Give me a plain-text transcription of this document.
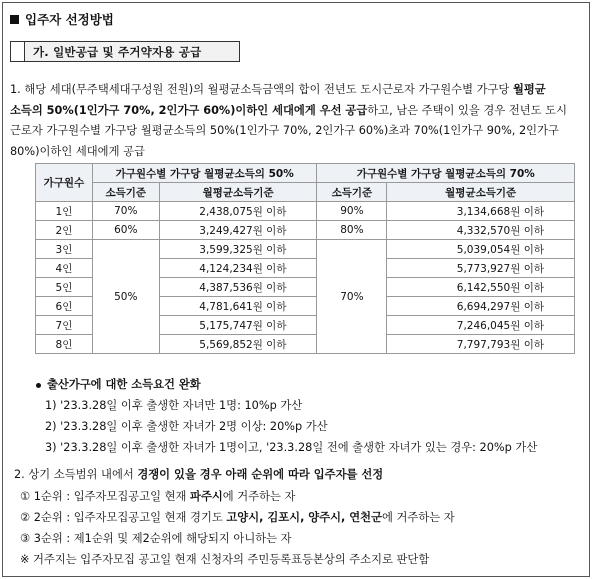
입주자 선정방법
가. 일반공급 및 주거약자용 공급
1. 해당 세대(무주택세대구성원 전원)의 월평균소득금액의 합이 전년도 도시근로자 가구원수별 가구당 월평균
소득의 50%(1인가구 70%, 2인가구 60%)이하인 세대에게 우선 공급하고, 남은 주택이 있을 경우 전년도 도시
근로자 가구원수별 가구당 월평균소득의 50%(1인가구 70%, 2인가구 60%)초과 70%(1인가구 90%, 2인가구
80%)이하인 세대에게 공급
가구원수	가구원수별 가구당 월평균소득의 50%		가구원수별 가구당 월평균소득의 70%	
	소득기준	월평균소득기준	소득기준	월평균소득기준
1인	70%	2,438,075원 이하	90%	3,134,668원 이하
2인	60%	3,249,427원 이하	80%	4,332,570원 이하
3인	50%	3,599,325원 이하	70%	5,039,054원 이하
4인		4,124,234원 이하		5,773,927원 이하
5인		4,387,536원 이하		6,142,550원 이하
6인		4,781,641원 이하		6,694,297원 이하
7인		5,175,747원 이하		7,246,045원 이하
8인		5,569,852원 이하		7,797,793원 이하
출산가구에 대한 소득요건 완화
1) '23.3.28일 이후 출생한 자녀만 1명: 10%p 가산
2) '23.3.28일 이후 출생한 자녀가 2명 이상: 20%p 가산
3) '23.3.28일 이후 출생한 자녀가 1명이고, '23.3.28일 전에 출생한 자녀가 있는 경우: 20%p 가산
2. 상기 소득범위 내에서 경쟁이 있을 경우 아래 순위에 따라 입주자를 선정
① 1순위 : 입주자모집공고일 현재 파주시에 거주하는 자
② 2순위 : 입주자모집공고일 현재 경기도 고양시, 김포시, 양주시, 연천군에 거주하는 자
③ 3순위 : 제1순위 및 제2순위에 해당되지 아니하는 자
※ 거주지는 입주자모집 공고일 현재 신청자의 주민등록표등본상의 주소지로 판단함
